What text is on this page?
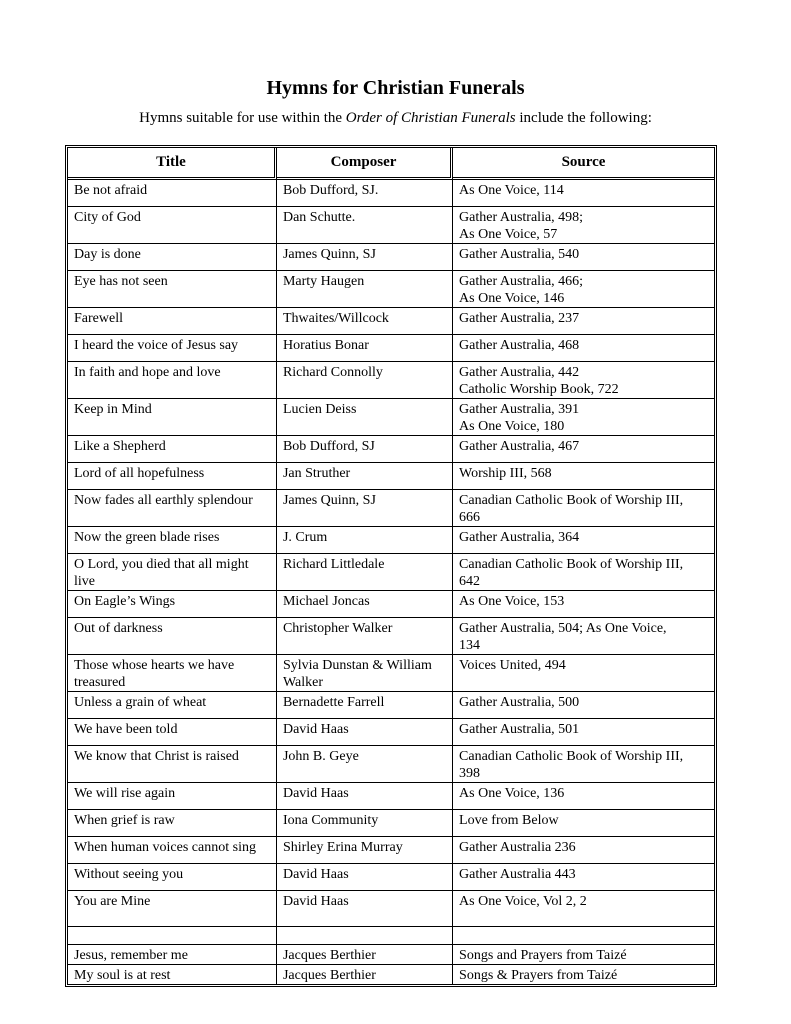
Hymns for Christian Funerals
Hymns suitable for use within the Order of Christian Funerals include the following:
Title	Composer	Source
Be not afraid	Bob Dufford, SJ.	As One Voice, 114
City of God	Dan Schutte.	Gather Australia, 498;
As One Voice, 57
Day is done	James Quinn, SJ	Gather Australia, 540
Eye has not seen	Marty Haugen	Gather Australia, 466;
As One Voice, 146
Farewell	Thwaites/Willcock	Gather Australia, 237
I heard the voice of Jesus say	Horatius Bonar	Gather Australia, 468
In faith and hope and love	Richard Connolly	Gather Australia, 442
Catholic Worship Book, 722
Keep in Mind	Lucien Deiss	Gather Australia, 391
As One Voice, 180
Like a Shepherd	Bob Dufford, SJ	Gather Australia, 467
Lord of all hopefulness	Jan Struther	Worship III, 568
Now fades all earthly splendour	James Quinn, SJ	Canadian Catholic Book of Worship III,
666
Now the green blade rises	J. Crum	Gather Australia, 364
O Lord, you died that all might
live	Richard Littledale	Canadian Catholic Book of Worship III,
642
On Eagle’s Wings	Michael Joncas	As One Voice, 153
Out of darkness	Christopher Walker	Gather Australia, 504; As One Voice,
134
Those whose hearts we have
treasured	Sylvia Dunstan & William
Walker	Voices United, 494
Unless a grain of wheat	Bernadette Farrell	Gather Australia, 500
We have been told	David Haas	Gather Australia, 501
We know that Christ is raised	John B. Geye	Canadian Catholic Book of Worship III,
398
We will rise again	David Haas	As One Voice, 136
When grief is raw	Iona Community	Love from Below
When human voices cannot sing	Shirley Erina Murray	Gather Australia 236
Without seeing you	David Haas	Gather Australia 443
You are Mine	David Haas	As One Voice, Vol 2, 2

Jesus, remember me	Jacques Berthier	Songs and Prayers from Taizé
My soul is at rest	Jacques Berthier	Songs & Prayers from Taizé
